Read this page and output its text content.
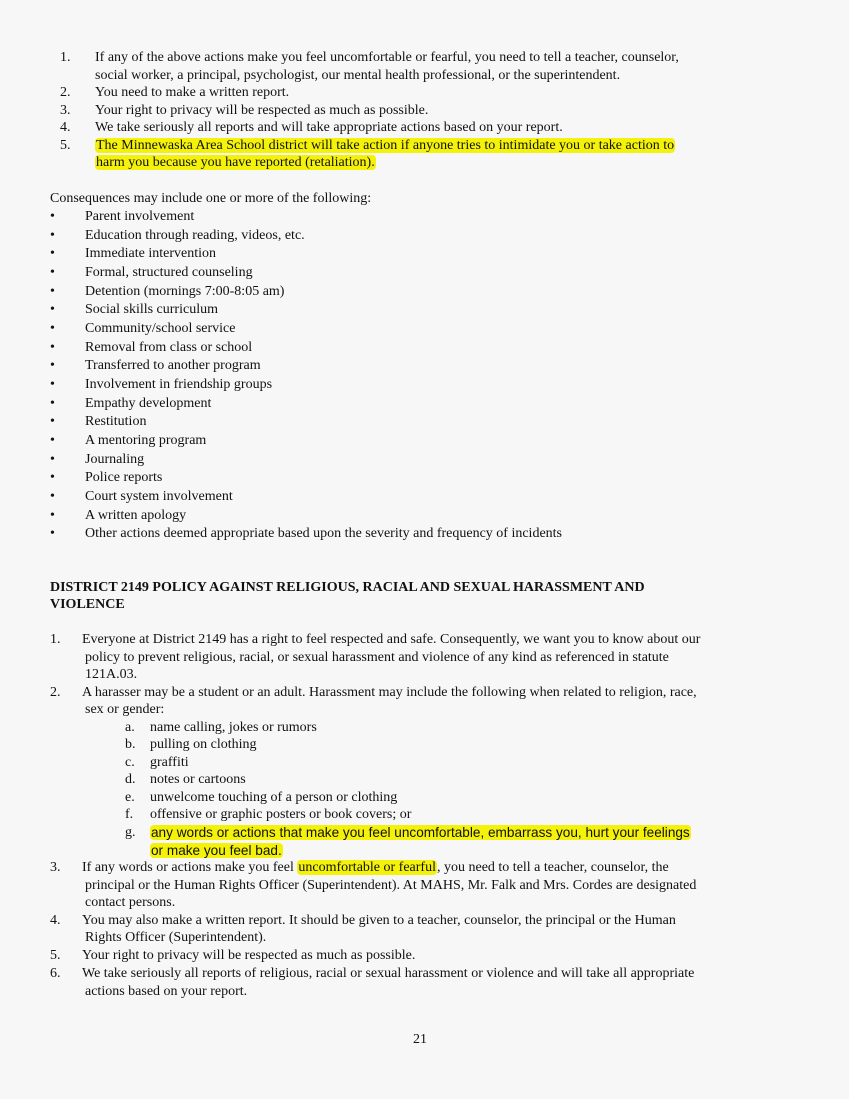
1. If any of the above actions make you feel uncomfortable or fearful, you need to tell a teacher, counselor,
social worker, a principal, psychologist, our mental health professional, or the superintendent.
2. You need to make a written report.
3. Your right to privacy will be respected as much as possible.
4. We take seriously all reports and will take appropriate actions based on your report.
5. The Minnewaska Area School district will take action if anyone tries to intimidate you or take action to
harm you because you have reported (retaliation).
Consequences may include one or more of the following:
• Parent involvement
• Education through reading, videos, etc.
• Immediate intervention
• Formal, structured counseling
• Detention (mornings 7:00-8:05 am)
• Social skills curriculum
• Community/school service
• Removal from class or school
• Transferred to another program
• Involvement in friendship groups
• Empathy development
• Restitution
• A mentoring program
• Journaling
• Police reports
• Court system involvement
• A written apology
• Other actions deemed appropriate based upon the severity and frequency of incidents
DISTRICT 2149 POLICY AGAINST RELIGIOUS, RACIAL AND SEXUAL HARASSMENT AND
VIOLENCE
1. Everyone at District 2149 has a right to feel respected and safe. Consequently, we want you to know about our
policy to prevent religious, racial, or sexual harassment and violence of any kind as referenced in statute
121A.03.
2. A harasser may be a student or an adult. Harassment may include the following when related to religion, race,
sex or gender:
a. name calling, jokes or rumors
b. pulling on clothing
c. graffiti
d. notes or cartoons
e. unwelcome touching of a person or clothing
f. offensive or graphic posters or book covers; or
g. any words or actions that make you feel uncomfortable, embarrass you, hurt your feelings
or make you feel bad.
3. If any words or actions make you feel uncomfortable or fearful, you need to tell a teacher, counselor, the
principal or the Human Rights Officer (Superintendent). At MAHS, Mr. Falk and Mrs. Cordes are designated
contact persons.
4. You may also make a written report. It should be given to a teacher, counselor, the principal or the Human
Rights Officer (Superintendent).
5. Your right to privacy will be respected as much as possible.
6. We take seriously all reports of religious, racial or sexual harassment or violence and will take all appropriate
actions based on your report.
21
